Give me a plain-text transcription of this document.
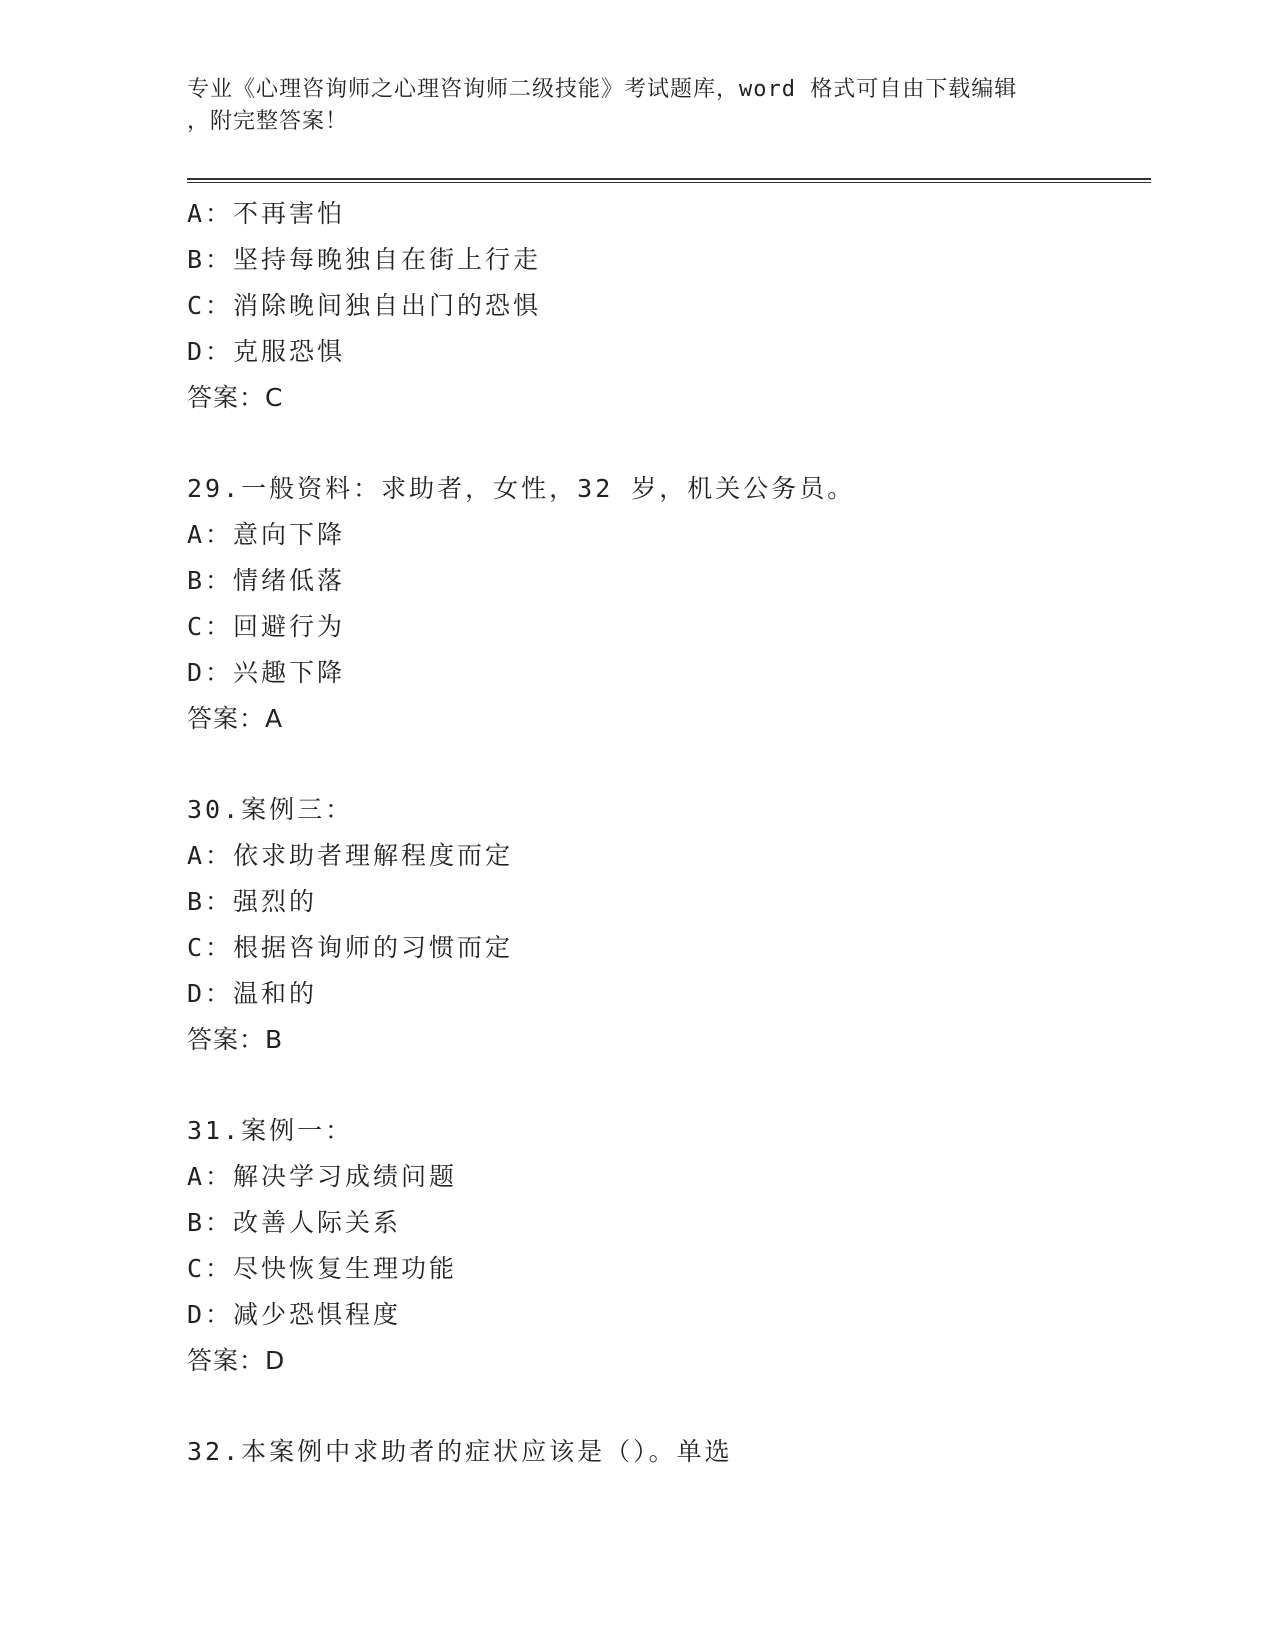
专业《心理咨询师之心理咨询师二级技能》考试题库，word 格式可自由下载编辑
，附完整答案！
A：不再害怕
B：坚持每晚独自在街上行走
C：消除晚间独自出门的恐惧
D：克服恐惧
答案：C
29.一般资料：求助者，女性，32 岁，机关公务员。
A：意向下降
B：情绪低落
C：回避行为
D：兴趣下降
答案：A
30.案例三：
A：依求助者理解程度而定
B：强烈的
C：根据咨询师的习惯而定
D：温和的
答案：B
31.案例一：
A：解决学习成绩问题
B：改善人际关系
C：尽快恢复生理功能
D：减少恐惧程度
答案：D
32.本案例中求助者的症状应该是（）。单选
